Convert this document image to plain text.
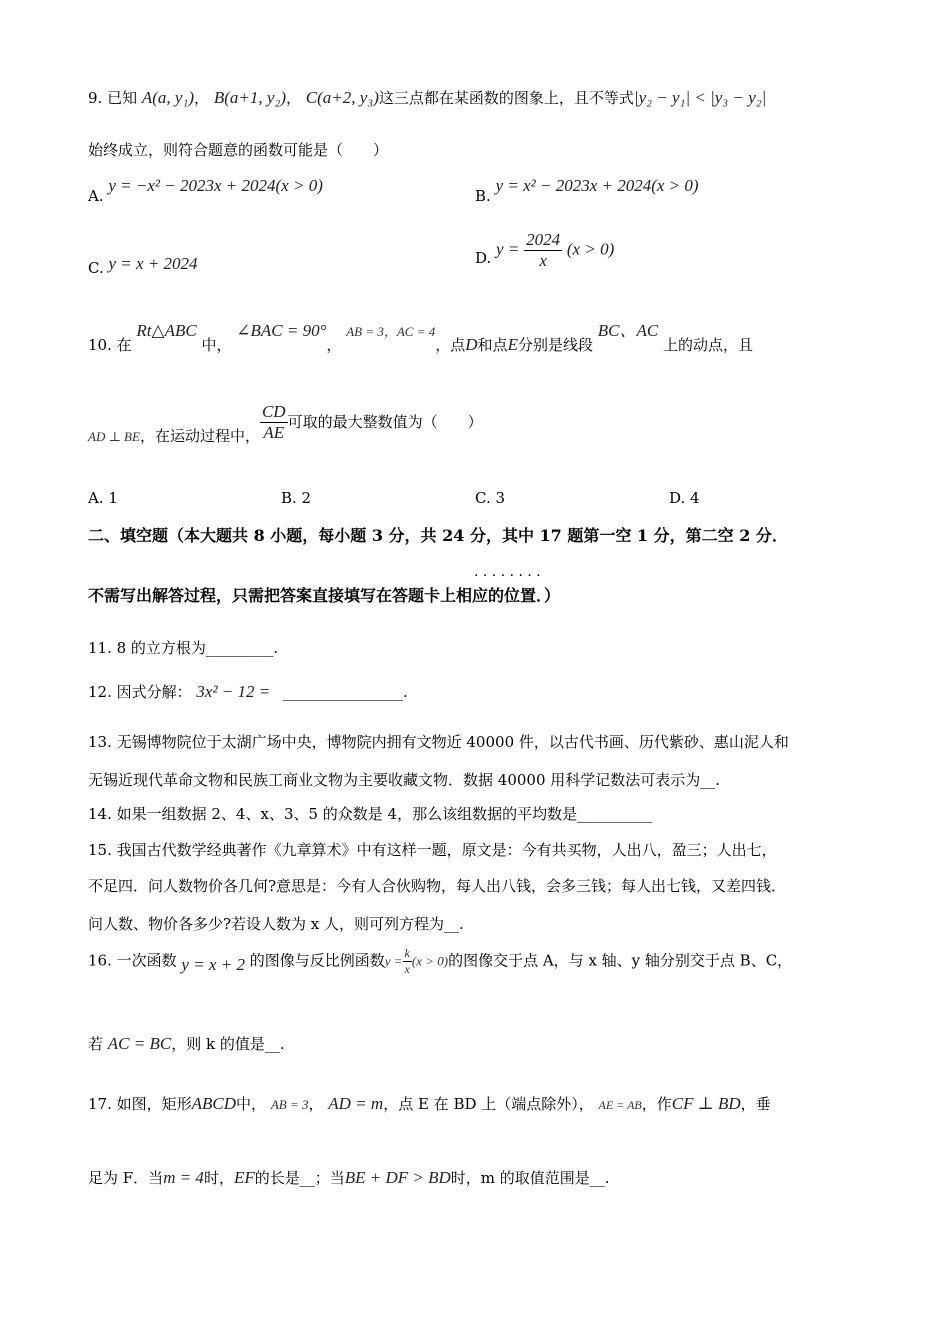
9. 已知 A(a, y₁)， B(a+1, y₂)， C(a+2, y₃)这三点都在某函数的图象上，且不等式|y₂ − y₁| < |y₃ − y₂|
始终成立，则符合题意的函数可能是（　　）
A. y = −x² − 2023x + 2024(x > 0)
B. y = x² − 2023x + 2024(x > 0)
C. y = x + 2024	D. $y = \frac{2024}{x} (x > 0)$
10. 在 Rt△ABC 中， ∠BAC = 90°， AB = 3，AC = 4，点D和点E分别是线段 BC、AC 上的动点，且
AD ⊥ BE，在运动过程中， $\frac{CD}{AE}$ 可取的最大整数值为（　　）
A. 1	B. 2	C. 3	D. 4
二、填空题（本大题共 8 小题，每小题 3 分，共 24 分，其中 17 题第一空 1 分，第二空 2 分．
· · · · · · · ·
不需写出解答过程，只需把答案直接填写在答题卡上相应的位置．）
11. 8 的立方根为_________.
12. 因式分解： 3x² − 12 = ________________.
13. 无锡博物院位于太湖广场中央，博物院内拥有文物近 40000 件，以古代书画、历代紫砂、惠山泥人和
无锡近现代革命文物和民族工商业文物为主要收藏文物．数据 40000 用科学记数法可表示为__.
14. 如果一组数据 2、4、x、3、5 的众数是 4，那么该组数据的平均数是__________
15. 我国古代数学经典著作《九章算术》中有这样一题，原文是：今有共买物，人出八，盈三；人出七，
不足四．问人数物价各几何?意思是：今有人合伙购物，每人出八钱，会多三钱；每人出七钱，又差四钱．
问人数、物价各多少?若设人数为 x 人，则可列方程为__.
16. 一次函数 y = x + 2 的图像与反比例函数$y = \frac{k}{x} (x > 0)$的图像交于点 A，与 x 轴、y 轴分别交于点 B、C，
若 AC = BC，则 k 的值是__.
17. 如图，矩形ABCD中， AB = 3， AD = m，点 E 在 BD 上（端点除外）， AE = AB，作CF ⊥ BD，垂
足为 F．当m = 4时，EF的长是__；当BE + DF > BD时，m 的取值范围是__.
